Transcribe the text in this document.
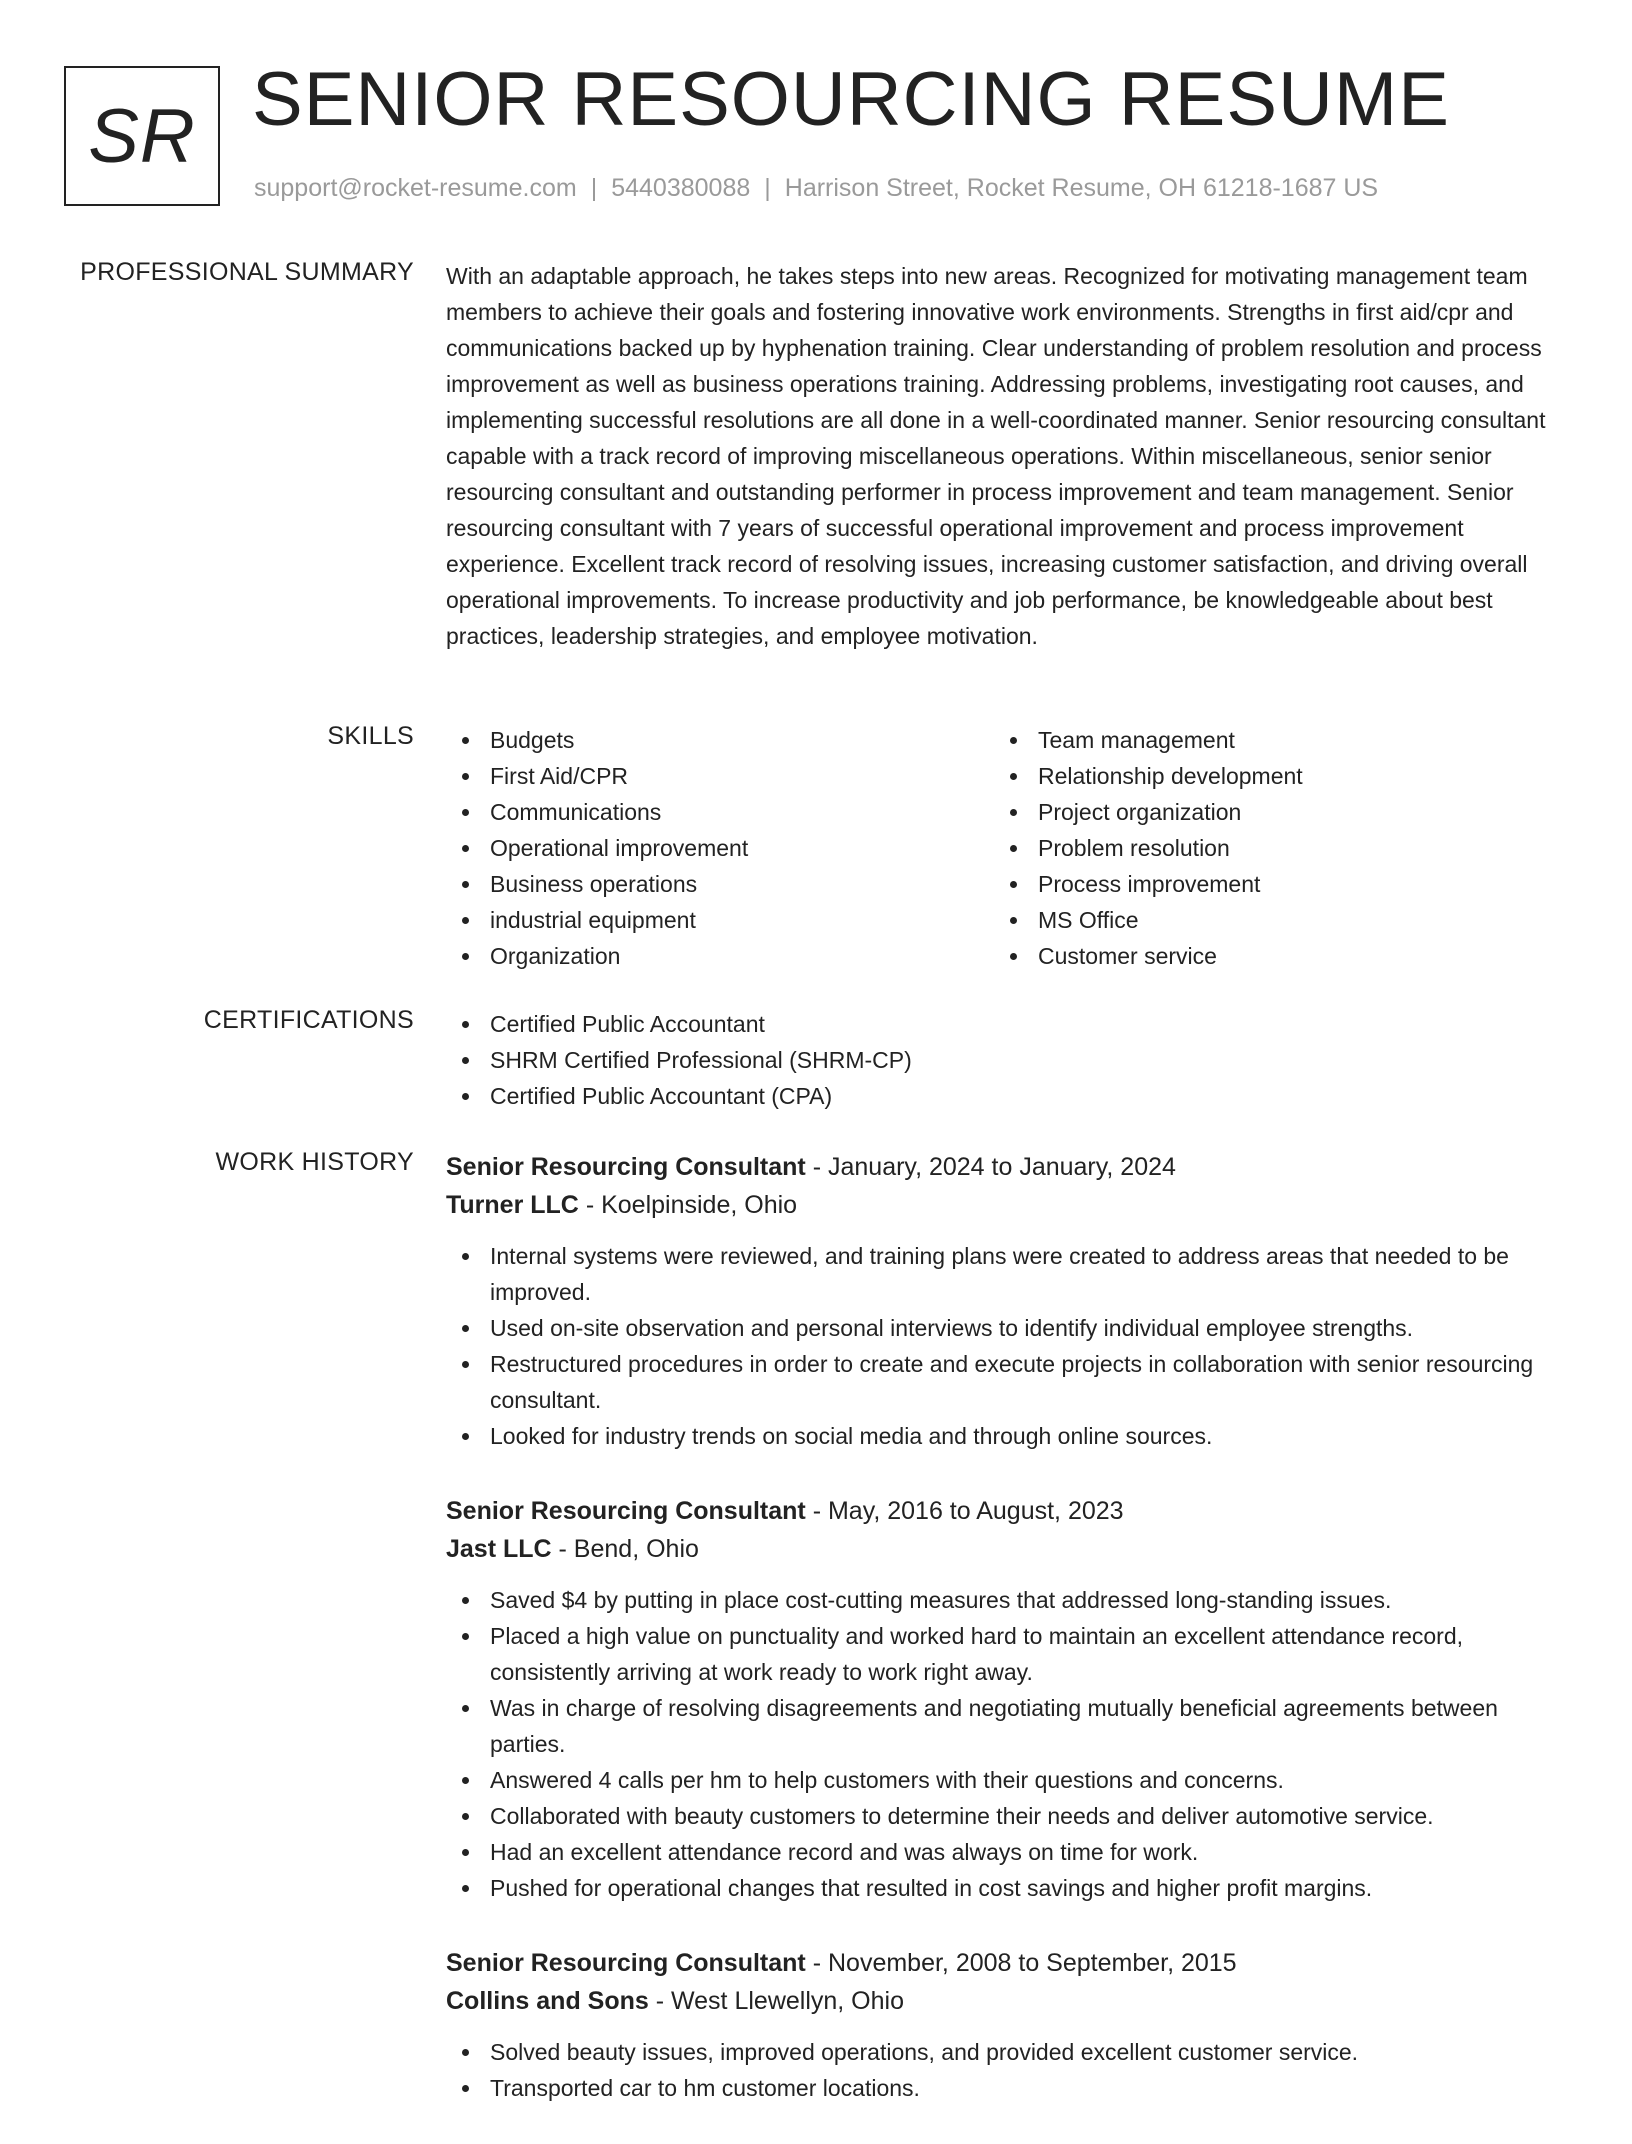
SR SENIOR RESOURCING RESUME
support@rocket-resume.com | 5440380088 | Harrison Street, Rocket Resume, OH 61218-1687 US
PROFESSIONAL SUMMARY With an adaptable approach, he takes steps into new areas. Recognized for motivating management team members to achieve their goals and fostering innovative work environments. Strengths in first aid/cpr and communications backed up by hyphenation training. Clear understanding of problem resolution and process improvement as well as business operations training. Addressing problems, investigating root causes, and implementing successful resolutions are all done in a well-coordinated manner. Senior resourcing consultant capable with a track record of improving miscellaneous operations. Within miscellaneous, senior senior resourcing consultant and outstanding performer in process improvement and team management. Senior resourcing consultant with 7 years of successful operational improvement and process improvement experience. Excellent track record of resolving issues, increasing customer satisfaction, and driving overall operational improvements. To increase productivity and job performance, be knowledgeable about best practices, leadership strategies, and employee motivation.

SKILLS	Budgets
First Aid/CPR
Communications
Operational improvement
Business operations
industrial equipment
Organization
Team management
Relationship development
Project organization
Problem resolution
Process improvement
MS Office
Customer service
CERTIFICATIONS	Certified Public Accountant
SHRM Certified Professional (SHRM-CP)
Certified Public Accountant (CPA)
WORK HISTORY Senior Resourcing Consultant - January, 2024 to January, 2024
Turner LLC - Koelpinside, Ohio
Internal systems were reviewed, and training plans were created to address areas that needed to be improved.
Used on-site observation and personal interviews to identify individual employee strengths.
Restructured procedures in order to create and execute projects in collaboration with senior resourcing consultant.
Looked for industry trends on social media and through online sources.
Senior Resourcing Consultant - May, 2016 to August, 2023
Jast LLC - Bend, Ohio
Saved $4 by putting in place cost-cutting measures that addressed long-standing issues.
Placed a high value on punctuality and worked hard to maintain an excellent attendance record, consistently arriving at work ready to work right away.
Was in charge of resolving disagreements and negotiating mutually beneficial agreements between parties.
Answered 4 calls per hm to help customers with their questions and concerns.
Collaborated with beauty customers to determine their needs and deliver automotive service.
Had an excellent attendance record and was always on time for work.
Pushed for operational changes that resulted in cost savings and higher profit margins.
Senior Resourcing Consultant - November, 2008 to September, 2015
Collins and Sons - West Llewellyn, Ohio
Solved beauty issues, improved operations, and provided excellent customer service.
Transported car to hm customer locations.
